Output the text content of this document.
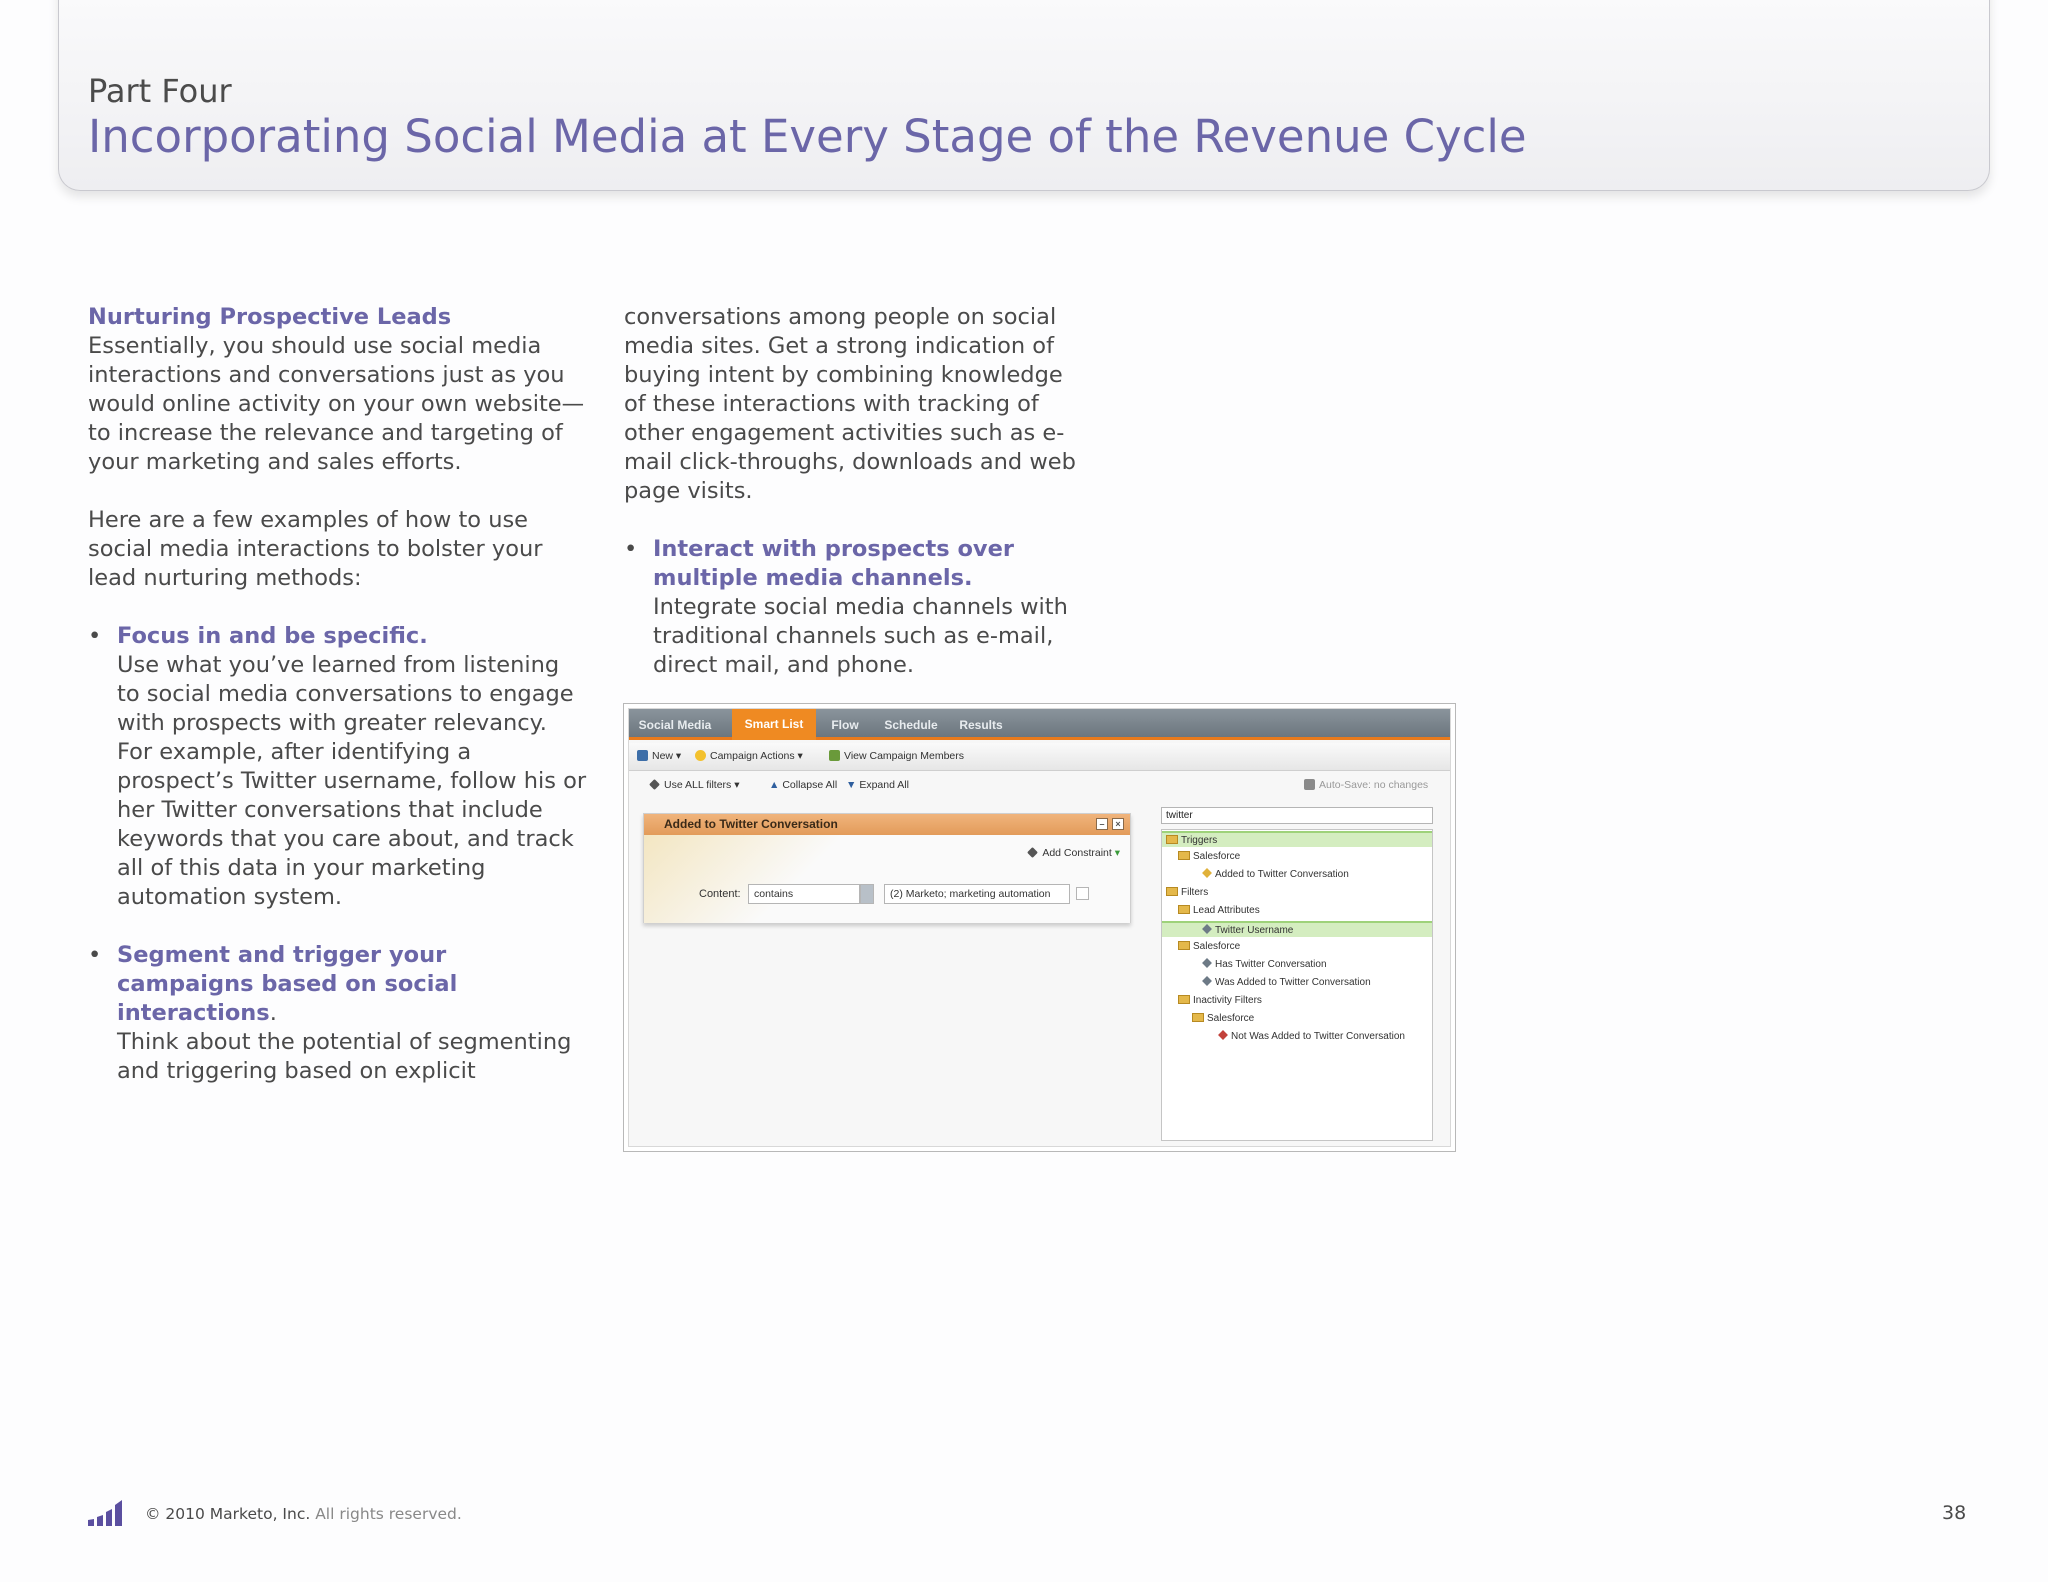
Part Four
Incorporating Social Media at Every Stage of the Revenue Cycle
Nurturing Prospective Leads
Essentially, you should use social media interactions and conversations just as you would online activity on your own website—to increase the relevance and targeting of your marketing and sales efforts.
Here are a few examples of how to use social media interactions to bolster your lead nurturing methods:
• Focus in and be specific.
Use what you’ve learned from listening to social media conversations to engage with prospects with greater relevancy. For example, after identifying a prospect’s Twitter username, follow his or her Twitter conversations that include keywords that you care about, and track all of this data in your marketing automation system.
• Segment and trigger your campaigns based on social interactions.
Think about the potential of segmenting and triggering based on explicit
conversations among people on social media sites. Get a strong indication of buying intent by combining knowledge of these interactions with tracking of other engagement activities such as e-mail click-throughs, downloads and web page visits.
• Interact with prospects over multiple media channels.
Integrate social media channels with traditional channels such as e-mail, direct mail, and phone.
Social Media	Smart List	Flow	Schedule Results
New ▾	Campaign Actions ▾	View Campaign Members
Use ALL filters ▾	▲ Collapse All ▼ Expand All	Auto-Save: no changes
Added to Twitter Conversation	–	×
Add Constraint ▾
Content:	contains	(2) Marketo; marketing automation
twitter
Triggers
Salesforce
Added to Twitter Conversation
Filters
Lead Attributes
Twitter Username
Salesforce
Has Twitter Conversation
Was Added to Twitter Conversation
Inactivity Filters
Salesforce
Not Was Added to Twitter Conversation
© 2010 Marketo, Inc. All rights reserved.	38
